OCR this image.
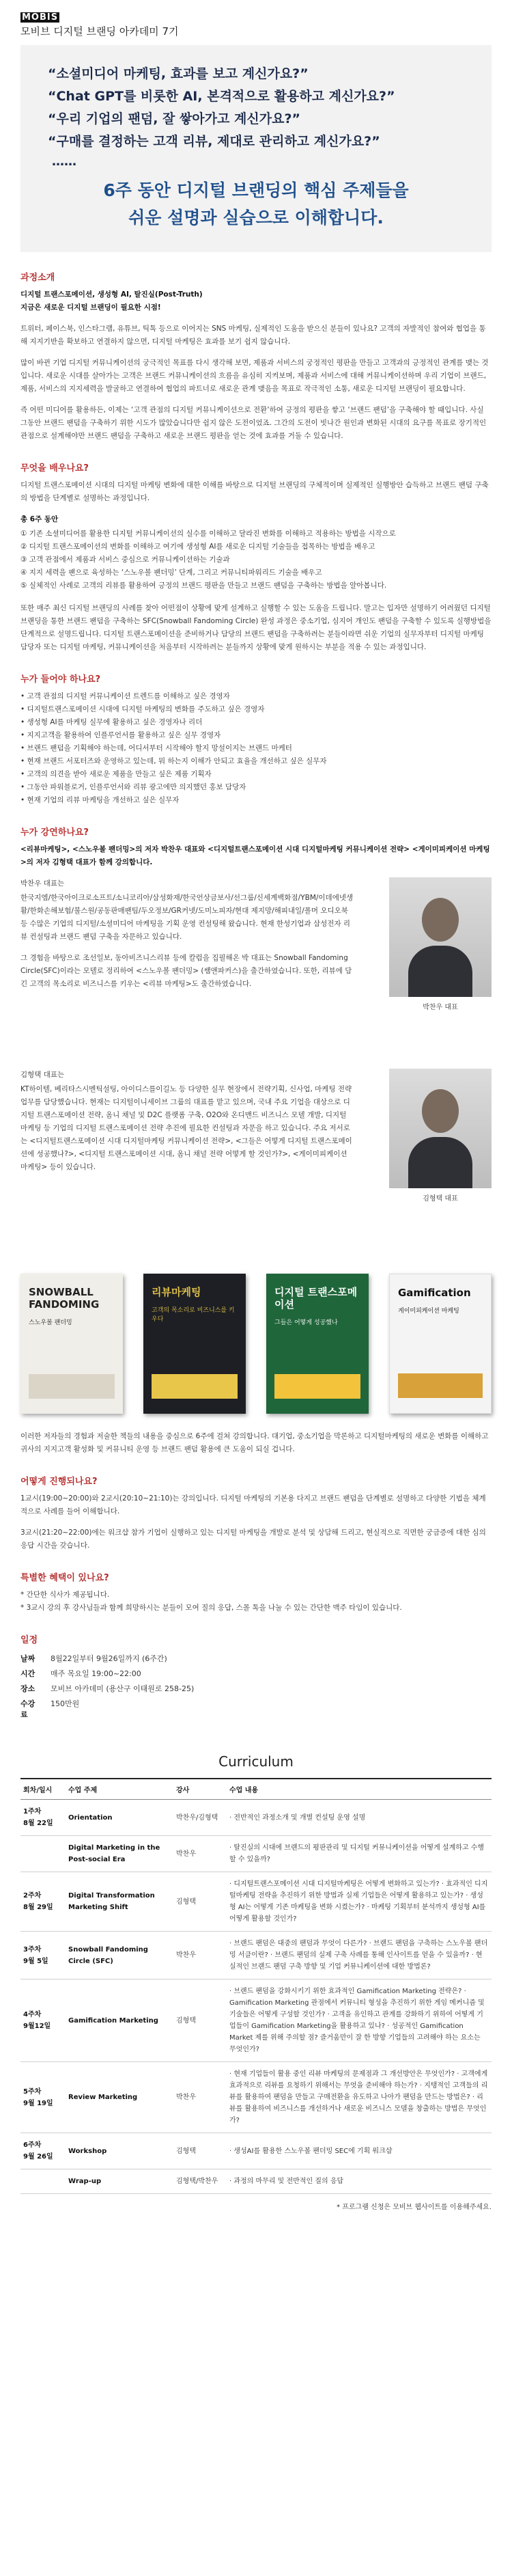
MOBIS
모비브 디지털 브랜딩 아카데미 7기
“소셜미디어 마케팅, 효과를 보고 계신가요?”
“Chat GPT를 비롯한 AI, 본격적으로 활용하고 계신가요?”
“우리 기업의 팬덤, 잘 쌓아가고 계신가요?”
“구매를 결정하는 고객 리뷰, 제대로 관리하고 계신가요?”
……
6주 동안 디지털 브랜딩의 핵심 주제들을
쉬운 설명과 실습으로 이해합니다.
과정소개
디지털 트랜스포메이션, 생성형 AI, 탈진실(Post-Truth)
지금은 새로운 디지털 브랜딩이 필요한 시점!

트위터, 페이스북, 인스타그램, 유튜브, 틱톡 등으로 이어지는 SNS 마케팅, 실제적인 도움을 받으신 분들이 있나요? 고객의 자발적인 참여와 협업을 통해 지지기반을 확보하고 연결하지 않으면, 디지털 마케팅은 효과를 보기 쉽지 않습니다.

많이 바뀐 기업 디지털 커뮤니케이션의 궁극적인 목표를 다시 생각해 보면, 제품과 서비스의 궁정적인 평판을 만들고 고객과의 긍정적인 관계를 맺는 것입니다. 새로운 시대를 살아가는 고객은 브랜드 커뮤니케이션의 흐름을 유심히 지켜보며, 제품과 서비스에 대해 커뮤니케이션하며 우리 기업이 브랜드, 제품, 서비스의 지지세력을 발굴하고 연결하여 협업의 파트너로 새로운 관계 맺음을 목표로 작극적인 소통, 새로운 디지털 브랜딩이 필요합니다.

즉 어떤 미디어를 활용하든, 이제는 ‘고객 관점의 디지털 커뮤니케이션으로 전환’하여 긍정의 평판을 쌓고 ‘브랜드 팬덤’을 구축해야 할 때입니다. 사실 그동안 브랜드 팬덤을 구축하기 위한 시도가 많았습니다만 쉽지 않은 도전이었죠. 그간의 도전이 빗나간 원인과 변화된 시대의 요구를 목표로 장기적인 관점으로 설계해야만 브랜드 팬덤을 구축하고 새로운 브랜드 평판을 얻는 것에 효과를 거둘 수 있습니다.

무엇을 배우나요?

디지털 트랜스포메이션 시대의 디지털 마케팅 변화에 대한 이해를 바탕으로 디지털 브랜딩의 구체적이며 실제적인 실행방안 습득하고 브랜드 팬덤 구축의 방법을 단계별로 설명하는 과정입니다.

총 6주 동안
① 기존 소셜미디어를 활용한 디지털 커뮤니케이션의 실수를 이해하고 달라진 변화를 이해하고 적용하는 방법을 시작으로
② 디지털 트랜스포메이션의 변화를 이해하고 여기에 생성형 AI를 새로운 디지털 기술들을 접목하는 방법을 배우고
③ 고객 관점에서 제품과 서비스 중심으로 커뮤니케이션하는 기술과
④ 지지 세력을 팬으로 육성하는 ‘스노우볼 팬더밍’ 단계, 그리고 커뮤니티파워리드 기술을 배우고
⑤ 실체적인 사례로 고객의 리뷰를 활용하여 긍정의 브랜드 평판을 만들고 브랜드 팬덤을 구축하는 방법을 알아봅니다.

또한 매주 최신 디지털 브랜딩의 사례를 찾아 어떤점이 상황에 맞게 설계하고 실행할 수 있는 도움을 드립니다. 말고는 입자만 설명하기 어려웠던 디지털 브랜딩을 통한 브랜드 팬덤을 구축하는 SFC(Snowball Fandoming Circle) 완성 과정은 중소기업, 심지어 개인도 팬덤을 구축할 수 있도록 실행방법을 단계적으로 설명드립니다. 디지털 트랜스포메이션을 준비하거나 담당의 브랜드 팬덤을 구축하려는 분들이라면 쉬운 기업의 실무자부터 디지털 마케팅 담당자 또는 디지털 마케팅, 커뮤니케이션을 처음부터 시작하려는 분들까지 상황에 맞게 원하시는 부분을 적용 수 있는 과정입니다.

누가 들어야 하나요?
• 고객 관점의 디지털 커뮤니케이션 트렌드를 이해하고 싶은 경영자
• 디지털트랜스포메이션 시대에 디지털 마케팅의 변화를 주도하고 싶은 경영자
• 생성형 AI를 마케팅 실무에 활용하고 싶은 경영자나 리더
• 지지고객을 활용하여 인플루언서를 활용하고 싶은 실무 경영자
• 브랜드 팬덤을 기획해야 하는데, 어디서부터 시작해야 할지 망설이지는 브랜드 마케터
• 현재 브랜드 서포터즈와 운영하고 있는데, 뭐 하는지 이해가 안되고 효율을 개선하고 싶은 실무자
• 고객의 의견을 받아 새로운 제품을 만들고 싶은 제품 기획자
• 그동안 파워블로거, 인플루언서와 리뷰 광고에만 의지했던 홍보 담당자
• 현재 기업의 리뷰 마케팅을 개선하고 싶은 실무자
누가 강연하나요?

<리뷰마케팅>, <스노우볼 팬더밍>의 저자 박찬우 대표와 <디지털트랜스포메이션 시대 디지털마케팅 커뮤니케이션 전략> <게이미피케이션 마케팅>의 저자 김형택 대표가 함께 강의합니다.

박찬우 대표는

한국지엠/한국아이크로소프트/소니코리아/삼성화재/한국언상금보사/선그룹/신세계백화점/YBM/이데에넷생활/한화손해보험/불스원/공동판매팬팀/두오정보/GR커넷/도미노피자/현대 제지망/해피내일/폴머 오디오북 등 수많은 기업의 디지털/소셜미디어 마케팅을 기획 운영 컨설팅해 왔습니다. 현재 한성기업과 삼성전자 리뷰 컨설팅과 브랜드 팬덤 구축을 자문하고 있습니다.

그 경험을 바탕으로 조선일보, 동아비즈니스리뷰 등에 칼럼을 집필해온 박 대표는 Snowball Fandoming Circle(SFC)이라는 모델로 정리하여 <스노우볼 팬더밍> (쌤앤파커스)을 출간하였습니다. 또한, 리뷰에 담긴 고객의 목소리로 비즈니스를 키우는 <리뷰 마케팅>도 출간하였습니다.

박찬우 대표
김형택 대표는

KT하이텔, 베리타스시멘틱설팅, 아이디스를이길노 등 다양한 실무 현장에서 전략기획, 신사업, 마케팅 전략 업무를 담당했습니다. 현재는 디지털이니세이브 그룹의 대표를 맡고 있으며, 국내 주요 기업을 대상으로 디지털 트랜스포메이션 전략, 옴니 채널 및 D2C 플랫폼 구축, O2O와 온디맨드 비즈니스 모델 개발, 디지털 마케팅 등 기업의 디지털 트랜스포메이션 전략 추진에 필요한 컨설팅과 자문을 하고 있습니다. 주요 저서로는 <디지털트랜스포메이션 시대 디지털마케팅 커뮤니케이션 전략>, <그들은 어떻게 디지털 트랜스포메이션에 성공했나?>, <디지털 트랜스포메이션 시대, 옴니 채널 전략 어떻게 할 것인가?>, <게이미피케이션 마케팅> 등이 있습니다.

김형택 대표
SNOWBALL FANDOMING
스노우볼 팬더밍
리뷰마케팅
고객의 목소리로 비즈니스를 키우다
디지털 트랜스포메이션
그들은 어떻게 성공했나
Gamification
게이미피케이션 마케팅

이러한 저자들의 경험과 저술한 책들의 내용을 중심으로 6주에 걸쳐 강의합니다. 대기업, 중소기업을 막론하고 디지털마케팅의 새로운 변화를 이해하고 귀사의 지지고객 활성화 및 커뮤니티 운영 등 브랜드 팬덤 활용에 큰 도움이 되실 겁니다.

어떻게 진행되나요?

1교시(19:00~20:00)와 2교시(20:10~21:10)는 강의입니다. 디지털 마케팅의 기본용 다지고 브랜드 팬덤을 단계별로 설명하고 다양한 기법을 체계적으로 사례를 들어 이해합니다.

3교시(21:20~22:00)에는 워크샵 참가 기업이 실행하고 있는 디지털 마케팅을 개발로 분석 및 상담해 드리고, 현실적으로 직면한 궁금증에 대한 심의 응답 시간을 갖습니다.

특별한 혜택이 있나요?
* 간단한 식사가 제공됩니다.
* 3교시 강의 후 강사님들과 함께 희망하시는 분들이 모여 질의 응답, 스몰 톡을 나눌 수 있는 간단한 맥주 타임이 있습니다.
일정
날짜	8월22일부터 9월26일까지 (6주간)
시간	매주 목요일 19:00~22:00
장소	모비브 아카데미 (용산구 이태원로 258-25)
수강료	150만원
Curriculum
회차/일시	수업 주제	강사	수업 내용

1주차
8월 22일	Orientation	박찬우/김형택	· 전반적인 과정소개 및 개별 컨설팅 운영 설명

	Digital Marketing in the Post-social Era	박찬우	· 탈진실의 시대에 브랜드의 평판관리 및 디지털 커뮤니케이션을 어떻게 설계하고 수행할 수 있을까?

2주차
8월 29일	Digital Transformation Marketing Shift	김형택	· 디지털트랜스포메이션 시대 디지털마케팅은 어떻게 변화하고 있는가? · 효과적인 디지털마케팅 전략을 추진하기 위한 방법과 실제 기업들은 어떻게 활용하고 있는가? · 생성형 AI는 어떻게 기존 마케팅을 변화 시켰는가? · 마케팅 기획부터 분석까지 생성형 AI를 어떻게 활용할 것인가?

3주차
9월 5일	Snowball Fandoming Circle (SFC)	박찬우	· 브랜드 팬덤은 대중의 팬덤과 무엇이 다른가? · 브랜드 팬덤을 구축하는 스노우볼 팬더밍 서클이란? · 브랜드 팬덤의 실제 구축 사례를 통해 인사이트를 얻을 수 있을까? · 현실적인 브랜드 팬덤 구축 방향 및 기업 커뮤니케이션에 대한 방법론?

4주차
9월12일	Gamification Marketing	김형택	· 브랜드 팬덤을 강화시키기 위한 효과적인 Gamification Marketing 전략은? · Gamification Marketing 관점에서 커뮤니티 형성을 추진하기 위한 게임 메커니즘 및 기술들은 어떻게 구성할 것인가? · 고객을 유인하고 관계를 강화하기 위하여 어떻게 기업들이 Gamification Marketing을 활용하고 있나? · 성공적인 Gamification Market 제를 위해 주의할 점? 즐거움만이 잘 한 방향 기업들의 고려해야 하는 요소는 무엇인가?

5주차
9월 19일	Review Marketing	박찬우	· 현재 기업들이 활용 중인 리뷰 마케팅의 문제점과 그 개선방안은 무엇인가? · 고객에게 효과적으로 리뷰를 요청하기 위해서는 무엇을 준비해야 하는가? · 지탱적인 고객들의 리뷰를 활용하여 팬덤을 만들고 구매전환을 유도하고 나아가 팬덤을 만드는 방법은? · 리뷰를 활용하여 비즈니스를 개선하거나 새로운 비즈니스 모델을 창출하는 방법은 무엇인가?

6주차
9월 26일	Workshop	김형택	· 생성AI를 활용한 스노우볼 팬더밍 SEC에 기획 워크샵

	Wrap-up	김형택/박찬우	· 과정의 마무리 및 전반적인 질의 응답
* 프로그램 신청은 모비브 웹사이트를 이용해주세요.
